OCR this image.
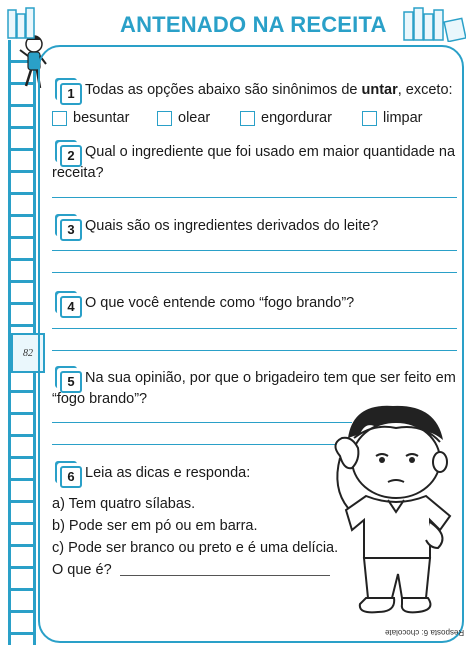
ANTENADO NA RECEITA
82
1 Todas as opções abaixo são sinônimos de untar, exceto:
besuntar	olear	engordurar	limpar
2 Qual o ingrediente que foi usado em maior quantidade na
receita?
3 Quais são os ingredientes derivados do leite?
4 O que você entende como “fogo brando”?
5 Na sua opinião, por que o brigadeiro tem que ser feito em
“fogo brando”?
6 Leia as dicas e responda:
a) Tem quatro sílabas.
b) Pode ser em pó ou em barra.
c) Pode ser branco ou preto e é uma delícia.
O que é?
Resposta 6: chocolate
